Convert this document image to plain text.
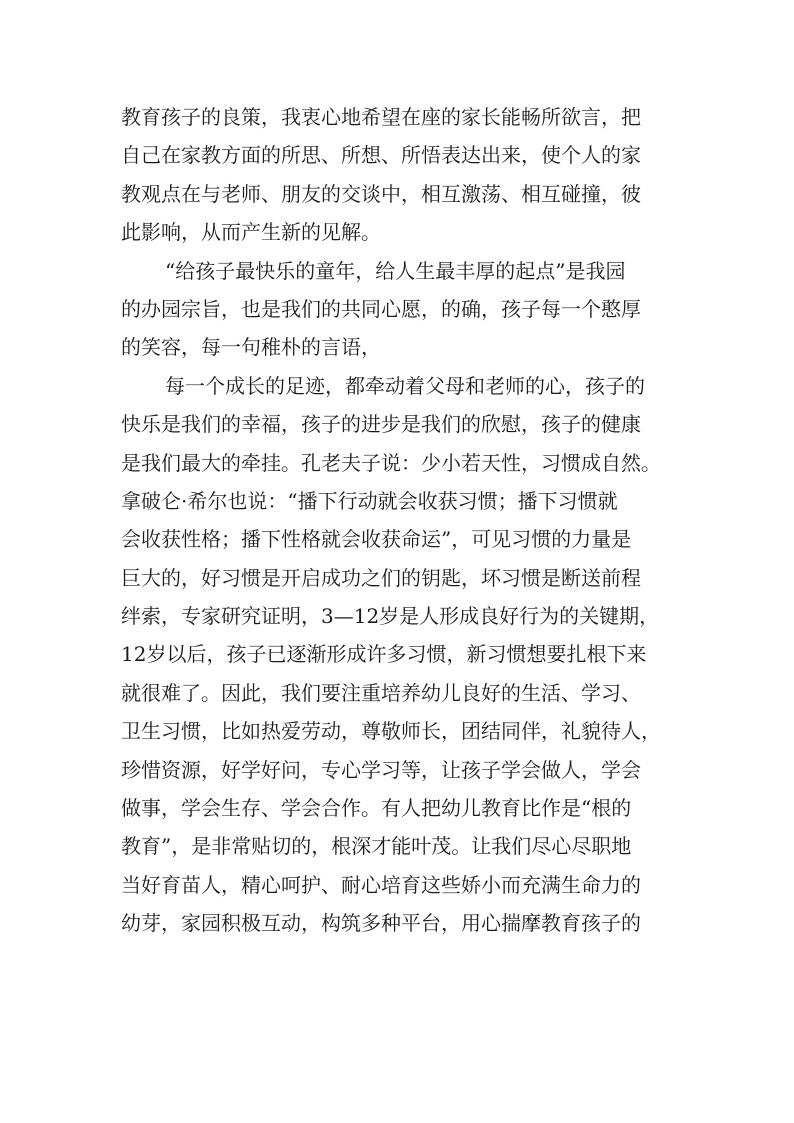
教育孩子的良策，我衷心地希望在座的家长能畅所欲言，把
自己在家教方面的所思、所想、所悟表达出来，使个人的家
教观点在与老师、朋友的交谈中，相互激荡、相互碰撞，彼
此影响，从而产生新的见解。
“给孩子最快乐的童年，给人生最丰厚的起点”是我园
的办园宗旨，也是我们的共同心愿，的确，孩子每一个憨厚
的笑容，每一句稚朴的言语，
每一个成长的足迹，都牵动着父母和老师的心，孩子的
快乐是我们的幸福，孩子的进步是我们的欣慰，孩子的健康
是我们最大的牵挂。孔老夫子说：少小若天性，习惯成自然。
拿破仑·希尔也说：“播下行动就会收获习惯；播下习惯就
会收获性格；播下性格就会收获命运”，可见习惯的力量是
巨大的，好习惯是开启成功之们的钥匙，坏习惯是断送前程
绊索，专家研究证明，3—12岁是人形成良好行为的关键期，
12岁以后，孩子已逐渐形成许多习惯，新习惯想要扎根下来
就很难了。因此，我们要注重培养幼儿良好的生活、学习、
卫生习惯，比如热爱劳动，尊敬师长，团结同伴，礼貌待人，
珍惜资源，好学好问，专心学习等，让孩子学会做人，学会
做事，学会生存、学会合作。有人把幼儿教育比作是“根的
教育”，是非常贴切的，根深才能叶茂。让我们尽心尽职地
当好育苗人，精心呵护、耐心培育这些娇小而充满生命力的
幼芽，家园积极互动，构筑多种平台，用心揣摩教育孩子的
